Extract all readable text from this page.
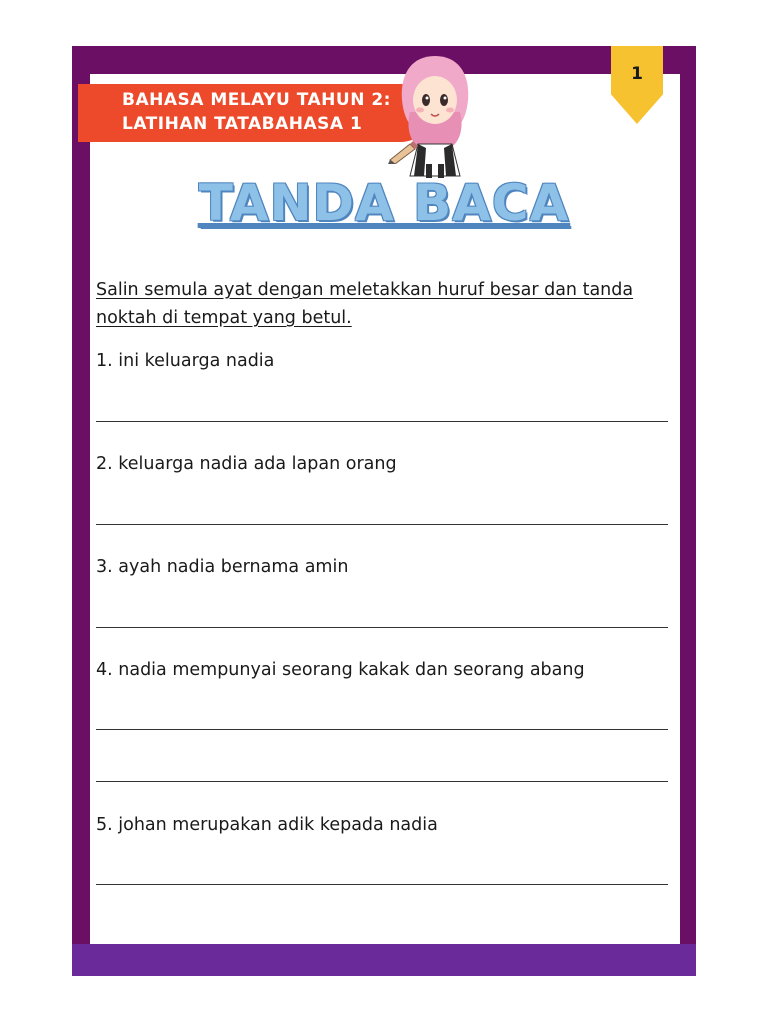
1
BAHASA MELAYU TAHUN 2:
LATIHAN TATABAHASA 1
TANDA BACA
Salin semula ayat dengan meletakkan huruf besar dan tanda noktah di tempat yang betul.
1. ini keluarga nadia
2. keluarga nadia ada lapan orang
3. ayah nadia bernama amin
4. nadia mempunyai seorang kakak dan seorang abang
5. johan merupakan adik kepada nadia
